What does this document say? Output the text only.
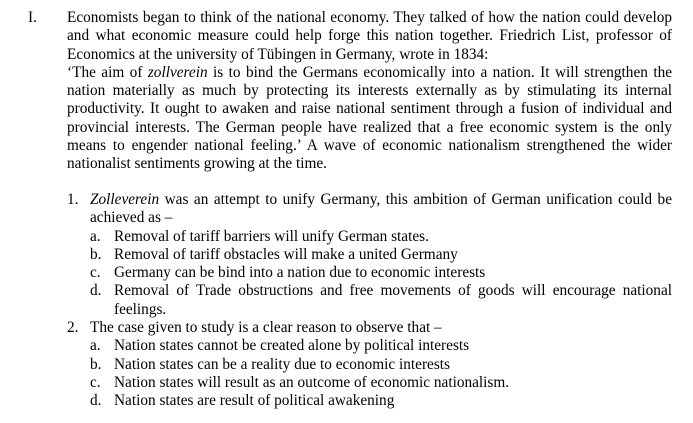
I. Economists began to think of the national economy. They talked of how the nation could develop and what economic measure could help forge this nation together. Friedrich List, professor of Economics at the university of Tübingen in Germany, wrote in 1834:

‘The aim of zollverein is to bind the Germans economically into a nation. It will strengthen the nation materially as much by protecting its interests externally as by stimulating its internal productivity. It ought to awaken and raise national sentiment through a fusion of individual and provincial interests. The German people have realized that a free economic system is the only means to engender national feeling.’ A wave of economic nationalism strengthened the wider nationalist sentiments growing at the time.

1. Zolleverein was an attempt to unify Germany, this ambition of German unification could be achieved as –
a. Removal of tariff barriers will unify German states.
b. Removal of tariff obstacles will make a united Germany
c. Germany can be bind into a nation due to economic interests
d. Removal of Trade obstructions and free movements of goods will encourage national feelings.
2. The case given to study is a clear reason to observe that –
a. Nation states cannot be created alone by political interests
b. Nation states can be a reality due to economic interests
c. Nation states will result as an outcome of economic nationalism.
d. Nation states are result of political awakening
